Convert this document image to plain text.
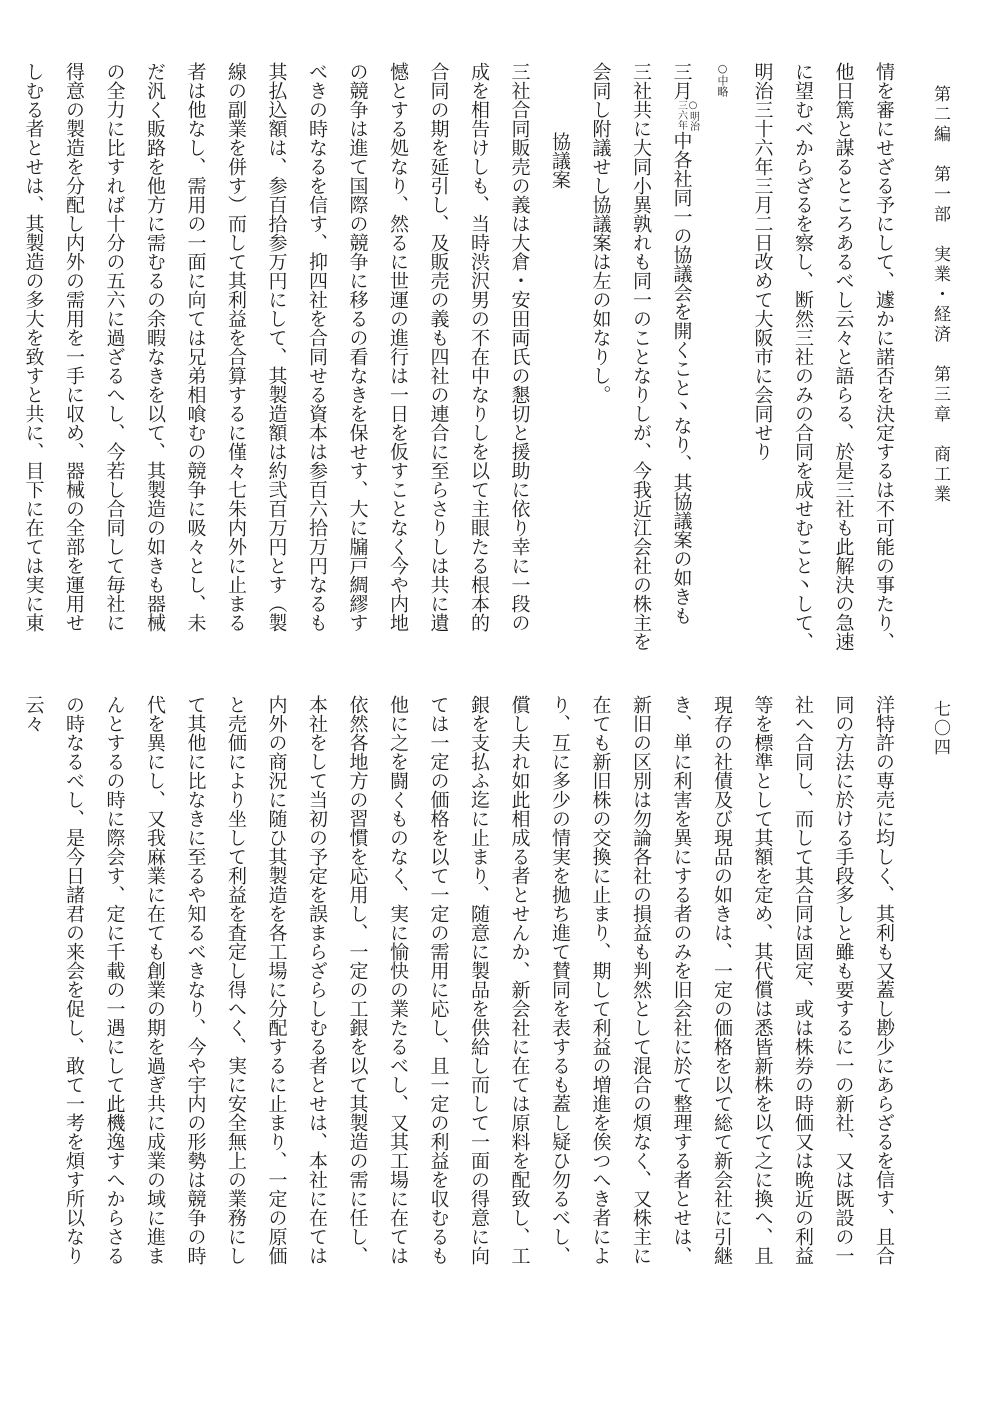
第二編　第一部　実業・経済　第三章　商工業
七〇四
情を審にせざる予にして、遽かに諾否を決定するは不可能の事たり、
他日篤と謀るところあるべし云々と語らる、於是三社も此解決の急速
に望むべからざるを察し、断然三社のみの合同を成せむこと丶して、
明治三十六年三月二日改めて大阪市に会同せり
○中略
三月○明治
三六年中各社同一の協議会を開くこと丶なり、其協議案の如きも
三社共に大同小異孰れも同一のことなりしが、今我近江会社の株主を
会同し附議せし協議案は左の如なりし。
協議案
三社合同販売の義は大倉・安田両氏の懇切と援助に依り幸に一段の
成を相告けしも、当時渋沢男の不在中なりしを以て主眼たる根本的
合同の期を延引し、及販売の義も四社の連合に至らさりしは共に遺
憾とする処なり、然るに世運の進行は一日を仮すことなく今や内地
の競争は進て国際の競争に移るの看なきを保せす、大に牖戸綢繆す
べきの時なるを信す、抑四社を合同せる資本は参百六拾万円なるも
其払込額は、参百拾参万円にして、其製造額は約弐百万円とす（製
線の副業を併す）而して其利益を合算するに僅々七朱内外に止まる
者は他なし、需用の一面に向ては兄弟相喰むの競争に吸々とし、未
だ汎く販路を他方に需むるの余暇なきを以て、其製造の如きも器械
の全力に比すれば十分の五六に過ざるへし、今若し合同して毎社に
得意の製造を分配し内外の需用を一手に収め、器械の全部を運用せ
しむる者とせは、其製造の多大を致すと共に、目下に在ては実に東
洋特許の専売に均しく、其利も又蓋し尠少にあらざるを信す、且合
同の方法に於ける手段多しと雖も要するに一の新社、又は既設の一
社へ合同し、而して其合同は固定、或は株券の時価又は晩近の利益
等を標準として其額を定め、其代償は悉皆新株を以て之に換へ、且
現存の社債及び現品の如きは、一定の価格を以て総て新会社に引継
き、単に利害を異にする者のみを旧会社に於て整理する者とせは、
新旧の区別は勿論各社の損益も判然として混合の煩なく、又株主に
在ても新旧株の交換に止まり、期して利益の増進を俟つへき者によ
り、互に多少の情実を拋ち進て賛同を表するも蓋し疑ひ勿るべし、
償し夫れ如此相成る者とせんか、新会社に在ては原料を配致し、工
銀を支払ふ迄に止まり、随意に製品を供給し而して一面の得意に向
ては一定の価格を以て一定の需用に応し、且一定の利益を収むるも
他に之を闘くものなく、実に愉快の業たるべし、又其工場に在ては
依然各地方の習慣を応用し、一定の工銀を以て其製造の需に任し、
本社をして当初の予定を誤まらざらしむる者とせは、本社に在ては
内外の商況に随ひ其製造を各工場に分配するに止まり、一定の原価
と売価により坐して利益を査定し得へく、実に安全無上の業務にし
て其他に比なきに至るや知るべきなり、今や宇内の形勢は競争の時
代を異にし、又我麻業に在ても創業の期を過ぎ共に成業の域に進ま
んとするの時に際会す、定に千載の一遇にして此機逸すへからさる
の時なるべし、是今日諸君の来会を促し、敢て一考を煩す所以なり
云々
